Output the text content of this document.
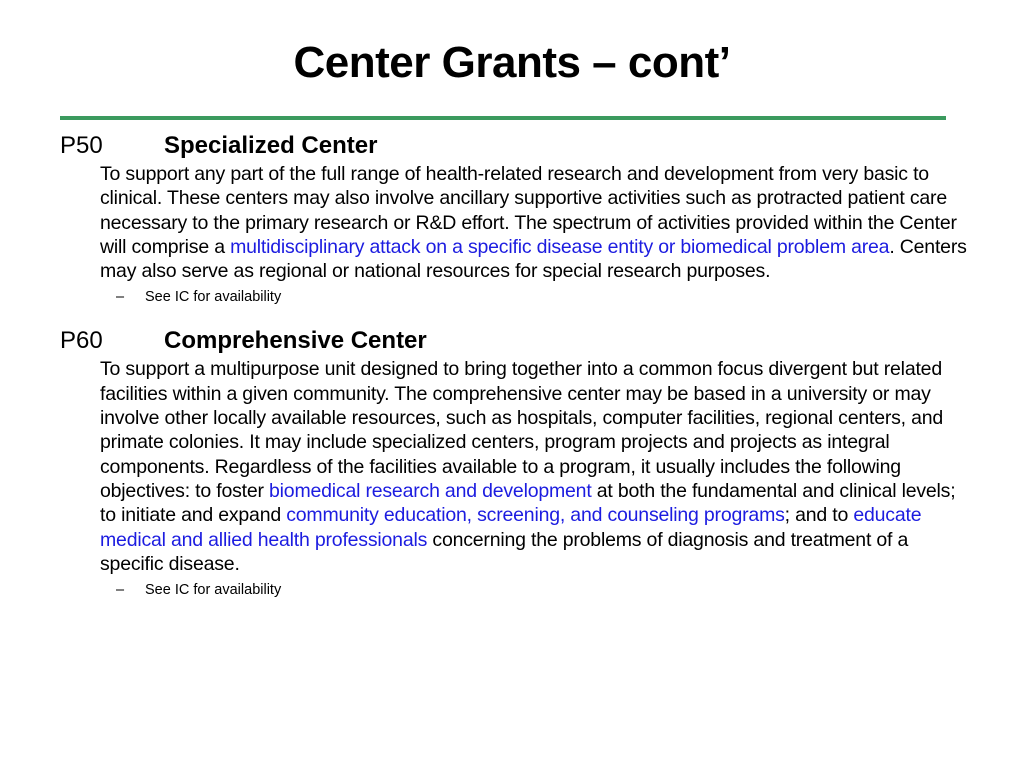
Center Grants – cont’
P50	Specialized Center
To support any part of the full range of health-related research and development from very basic to clinical. These centers may also involve ancillary supportive activities such as protracted patient care necessary to the primary research or R&D effort. The spectrum of activities provided within the Center will comprise a multidisciplinary attack on a specific disease entity or biomedical problem area. Centers may also serve as regional or national resources for special research purposes.
–	See IC for availability
P60	Comprehensive Center
To support a multipurpose unit designed to bring together into a common focus divergent but related facilities within a given community. The comprehensive center may be based in a university or may involve other locally available resources, such as hospitals, computer facilities, regional centers, and primate colonies. It may include specialized centers, program projects and projects as integral components. Regardless of the facilities available to a program, it usually includes the following objectives: to foster biomedical research and development at both the fundamental and clinical levels; to initiate and expand community education, screening, and counseling programs; and to educate medical and allied health professionals concerning the problems of diagnosis and treatment of a specific disease.
–	See IC for availability
